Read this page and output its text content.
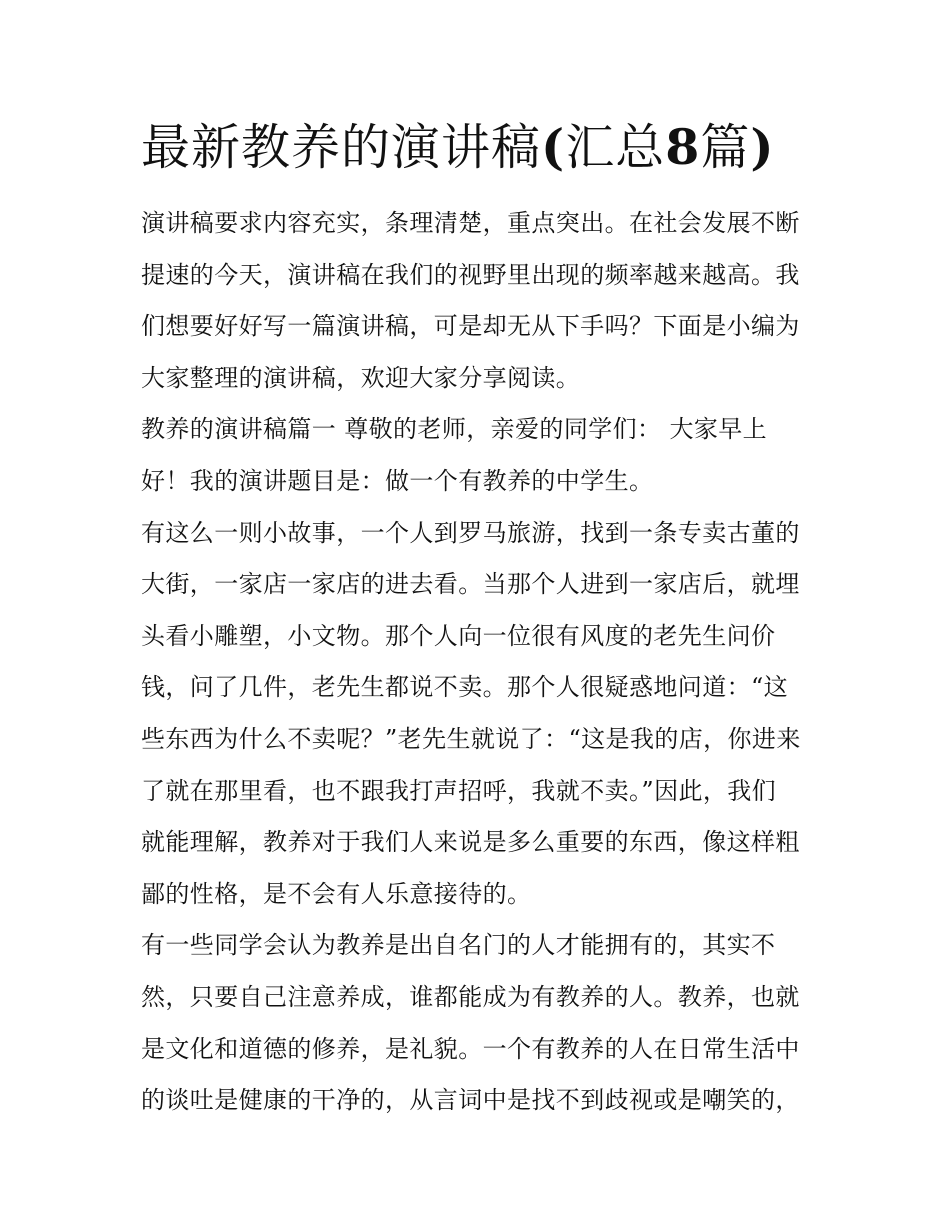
最新教养的演讲稿(汇总8篇)
演讲稿要求内容充实，条理清楚，重点突出。在社会发展不断
提速的今天，演讲稿在我们的视野里出现的频率越来越高。我
们想要好好写一篇演讲稿，可是却无从下手吗？下面是小编为
大家整理的演讲稿，欢迎大家分享阅读。
教养的演讲稿篇一 尊敬的老师，亲爱的同学们： 大家早上
好！我的演讲题目是：做一个有教养的中学生。
有这么一则小故事，一个人到罗马旅游，找到一条专卖古董的
大街，一家店一家店的进去看。当那个人进到一家店后，就埋
头看小雕塑，小文物。那个人向一位很有风度的老先生问价
钱，问了几件，老先生都说不卖。那个人很疑惑地问道：“这
些东西为什么不卖呢？”老先生就说了：“这是我的店，你进来
了就在那里看，也不跟我打声招呼，我就不卖。”因此，我们
就能理解，教养对于我们人来说是多么重要的东西，像这样粗
鄙的性格，是不会有人乐意接待的。
有一些同学会认为教养是出自名门的人才能拥有的，其实不
然，只要自己注意养成，谁都能成为有教养的人。教养，也就
是文化和道德的修养，是礼貌。一个有教养的人在日常生活中
的谈吐是健康的干净的，从言词中是找不到歧视或是嘲笑的，
